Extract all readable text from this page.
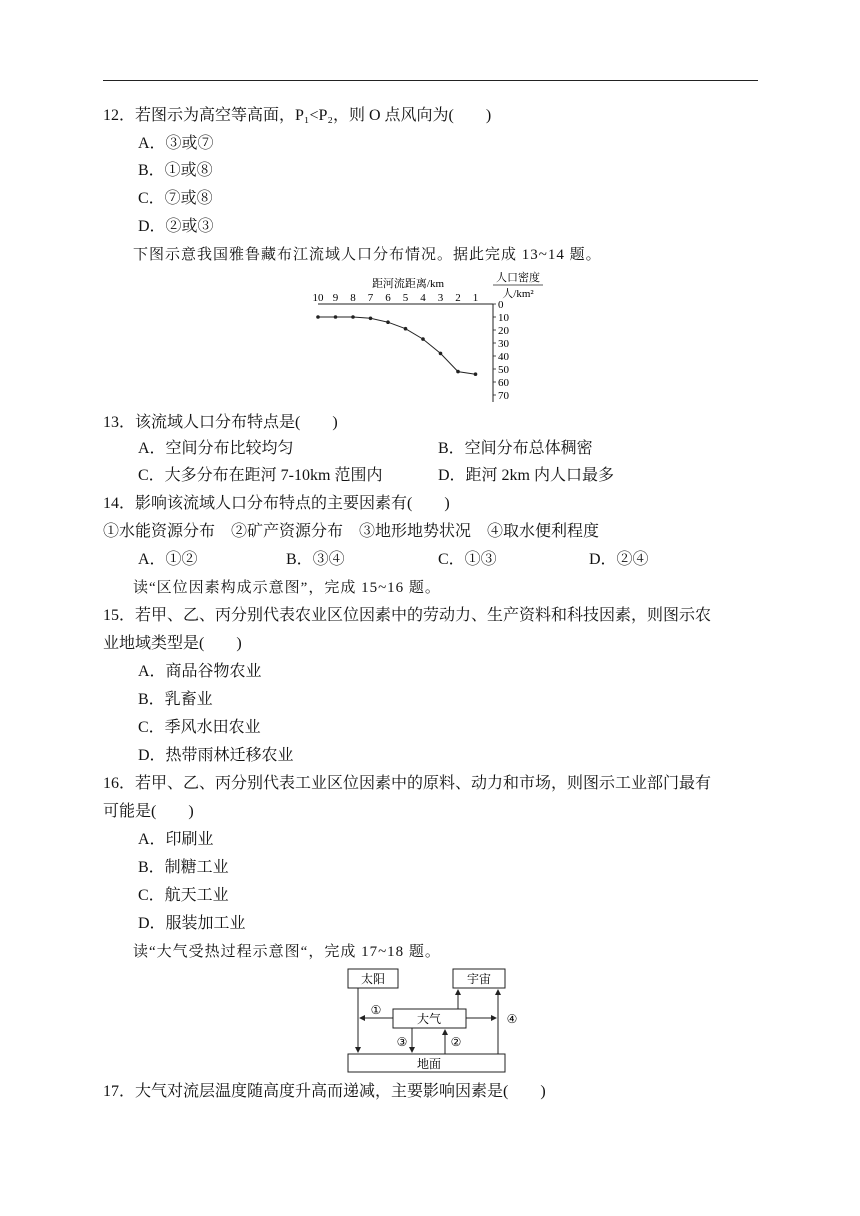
12．若图示为高空等高面，P₁<P₂，则 O 点风向为(　　)
A．③或⑦
B．①或⑧
C．⑦或⑧
D．②或③
下图示意我国雅鲁藏布江流域人口分布情况。据此完成 13~14 题。
距河流距离/km	人口密度
人/km²
10 9 8 7 6 5 4 3 2 1
0
10
20
30
40
50
60
70
13．该流域人口分布特点是(　　)
A．空间分布比较均匀	B．空间分布总体稠密
C．大多分布在距河 7-10km 范围内	D．距河 2km 内人口最多
14．影响该流域人口分布特点的主要因素有(　　)
①水能资源分布　②矿产资源分布　③地形地势状况　④取水便利程度
A．①②	B．③④	C．①③	D．②④
读“区位因素构成示意图”，完成 15~16 题。
15．若甲、乙、丙分别代表农业区位因素中的劳动力、生产资料和科技因素，则图示农
业地域类型是(　　)
A．商品谷物农业
B．乳畜业
C．季风水田农业
D．热带雨林迁移农业
16．若甲、乙、丙分别代表工业区位因素中的原料、动力和市场，则图示工业部门最有
可能是(　　)
A．印刷业
B．制糖工业
C．航天工业
D．服装加工业
读“大气受热过程示意图“，完成 17~18 题。
太阳	宇宙
大气
地面
①
③	②
④
17．大气对流层温度随高度升高而递减，主要影响因素是(　　)
